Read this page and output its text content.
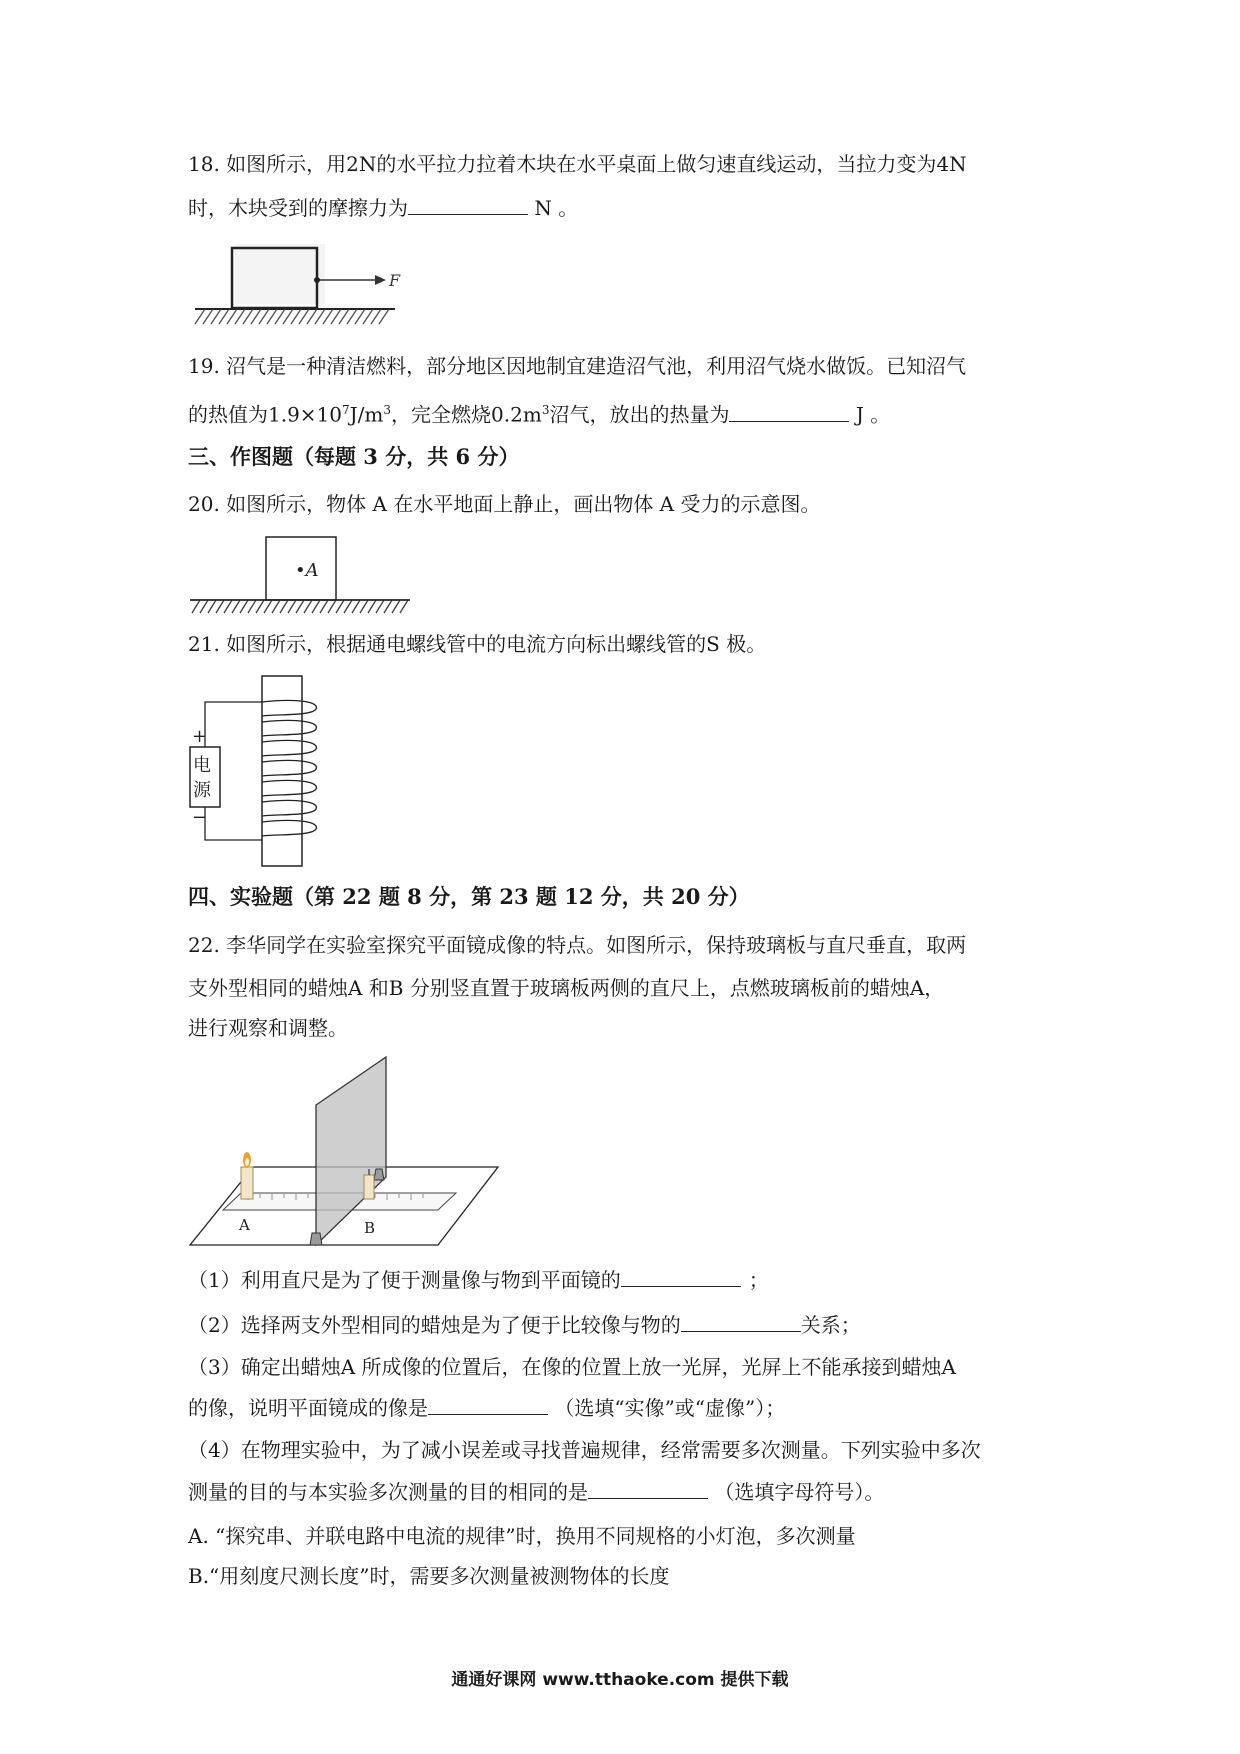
18. 如图所示，用2N的水平拉力拉着木块在水平桌面上做匀速直线运动，当拉力变为4N
时，木块受到的摩擦力为	N 。
F
19. 沼气是一种清洁燃料，部分地区因地制宜建造沼气池，利用沼气烧水做饭。已知沼气
的热值为$1.9\times 10^7J/m^3$，完全燃烧$0.2m^3$沼气，放出的热量为	J 。
三、作图题（每题 3 分，共 6 分）
20. 如图所示，物体 A 在水平地面上静止，画出物体 A 受力的示意图。
•A
21. 如图所示，根据通电螺线管中的电流方向标出螺线管的S 极。
+
电
源
−
四、实验题（第 22 题 8 分，第 23 题 12 分，共 20 分）
22. 李华同学在实验室探究平面镜成像的特点。如图所示，保持玻璃板与直尺垂直，取两
支外型相同的蜡烛A 和B 分别竖直置于玻璃板两侧的直尺上，点燃玻璃板前的蜡烛A，
进行观察和调整。
A	B
（1）利用直尺是为了便于测量像与物到平面镜的	；
（2）选择两支外型相同的蜡烛是为了便于比较像与物的	关系；
（3）确定出蜡烛A 所成像的位置后，在像的位置上放一光屏，光屏上不能承接到蜡烛A
的像，说明平面镜成的像是	（选填“实像”或“虚像”）；
（4）在物理实验中，为了减小误差或寻找普遍规律，经常需要多次测量。下列实验中多次
测量的目的与本实验多次测量的目的相同的是	（选填字母符号）。
A. “探究串、并联电路中电流的规律”时，换用不同规格的小灯泡，多次测量
B.“用刻度尺测长度”时，需要多次测量被测物体的长度
通通好课网 www.tthaoke.com 提供下载
